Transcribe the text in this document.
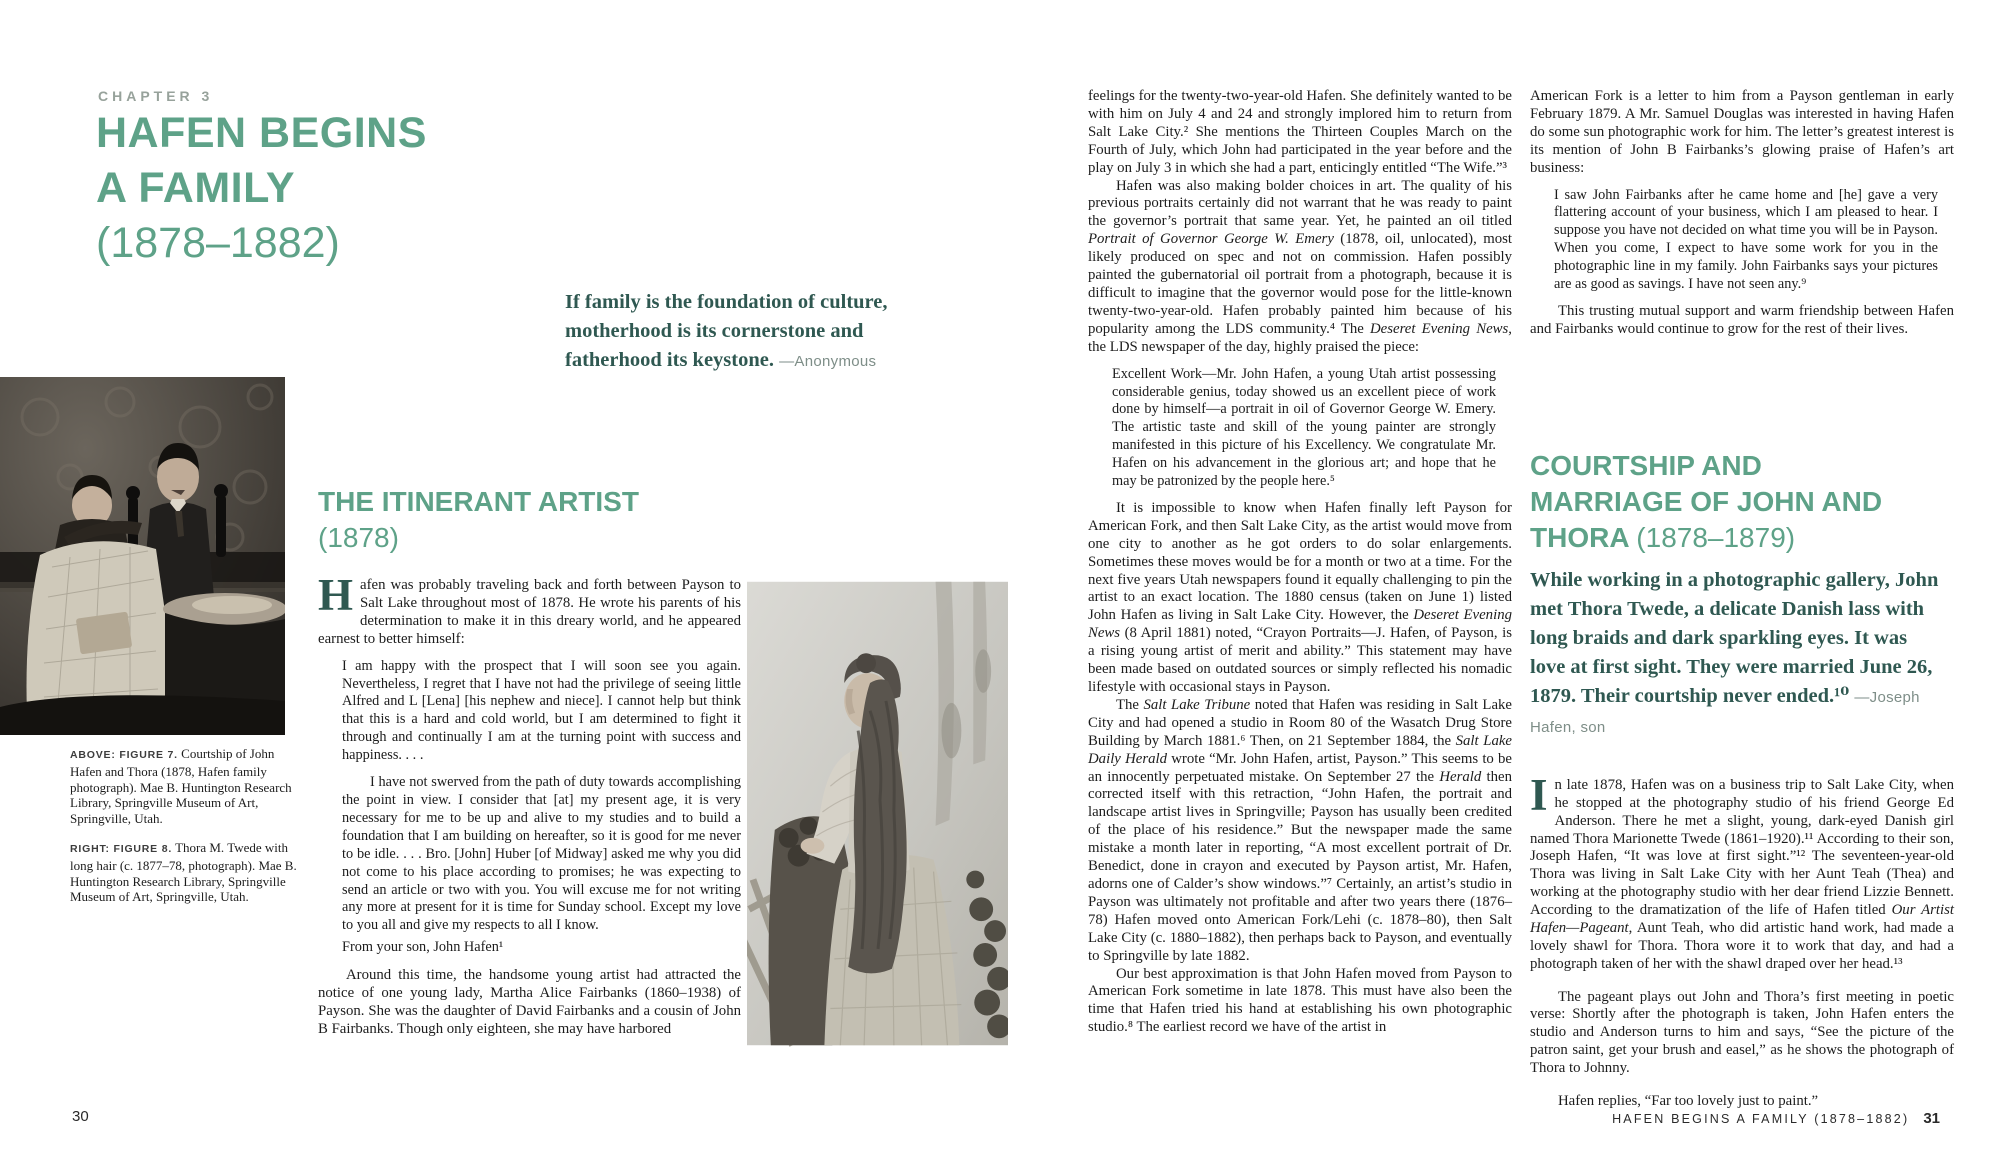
CHAPTER 3
HAFEN BEGINS
A FAMILY
(1878–1882)
If family is the foundation of culture, motherhood is its cornerstone and fatherhood its keystone. —Anonymous

ABOVE: FIGURE 7. Courtship of John Hafen and Thora (1878, Hafen family photograph). Mae B. Huntington Research Library, Springville Museum of Art, Springville, Utah.

RIGHT: FIGURE 8. Thora M. Twede with long hair (c. 1877–78, photograph). Mae B. Huntington Research Library, Springville Museum of Art, Springville, Utah.

THE ITINERANT ARTIST
(1878)

Hafen was probably traveling back and forth between Payson to Salt Lake throughout most of 1878. He wrote his parents of his determination to make it in this dreary world, and he appeared earnest to better himself:

I am happy with the prospect that I will soon see you again. Nevertheless, I regret that I have not had the privilege of seeing little Alfred and L [Lena] [his nephew and niece]. I cannot help but think that this is a hard and cold world, but I am determined to fight it through and continually I am at the turning point with success and happiness. . . .

I have not swerved from the path of duty towards accomplishing the point in view. I consider that [at] my present age, it is very necessary for me to be up and alive to my studies and to build a foundation that I am building on hereafter, so it is good for me never to be idle. . . . Bro. [John] Huber [of Midway] asked me why you did not come to his place according to promises; he was expecting to send an article or two with you. You will excuse me for not writing any more at present for it is time for Sunday school. Except my love to you all and give my respects to all I know.

From your son, John Hafen¹

Around this time, the handsome young artist had attracted the notice of one young lady, Martha Alice Fairbanks (1860–1938) of Payson. She was the daughter of David Fairbanks and a cousin of John B Fairbanks. Though only eighteen, she may have harbored

feelings for the twenty-two-year-old Hafen. She definitely wanted to be with him on July 4 and 24 and strongly implored him to return from Salt Lake City.² She mentions the Thirteen Couples March on the Fourth of July, which John had participated in the year before and the play on July 3 in which she had a part, enticingly entitled “The Wife.”³

Hafen was also making bolder choices in art. The quality of his previous portraits certainly did not warrant that he was ready to paint the governor’s portrait that same year. Yet, he painted an oil titled Portrait of Governor George W. Emery (1878, oil, unlocated), most likely produced on spec and not on commission. Hafen possibly painted the gubernatorial oil portrait from a photograph, because it is difficult to imagine that the governor would pose for the little-known twenty-two-year-old. Hafen probably painted him because of his popularity among the LDS community.⁴ The Deseret Evening News, the LDS newspaper of the day, highly praised the piece:

Excellent Work—Mr. John Hafen, a young Utah artist possessing considerable genius, today showed us an excellent piece of work done by himself—a portrait in oil of Governor George W. Emery. The artistic taste and skill of the young painter are strongly manifested in this picture of his Excellency. We congratulate Mr. Hafen on his advancement in the glorious art; and hope that he may be patronized by the people here.⁵

It is impossible to know when Hafen finally left Payson for American Fork, and then Salt Lake City, as the artist would move from one city to another as he got orders to do solar enlargements. Sometimes these moves would be for a month or two at a time. For the next five years Utah newspapers found it equally challenging to pin the artist to an exact location. The 1880 census (taken on June 1) listed John Hafen as living in Salt Lake City. However, the Deseret Evening News (8 April 1881) noted, “Crayon Portraits—J. Hafen, of Payson, is a rising young artist of merit and ability.” This statement may have been made based on outdated sources or simply reflected his nomadic lifestyle with occasional stays in Payson.

The Salt Lake Tribune noted that Hafen was residing in Salt Lake City and had opened a studio in Room 80 of the Wasatch Drug Store Building by March 1881.⁶ Then, on 21 September 1884, the Salt Lake Daily Herald wrote “Mr. John Hafen, artist, Payson.” This seems to be an innocently perpetuated mistake. On September 27 the Herald then corrected itself with this retraction, “John Hafen, the portrait and landscape artist lives in Springville; Payson has usually been credited of the place of his residence.” But the newspaper made the same mistake a month later in reporting, “A most excellent portrait of Dr. Benedict, done in crayon and executed by Payson artist, Mr. Hafen, adorns one of Calder’s show windows.”⁷ Certainly, an artist’s studio in Payson was ultimately not profitable and after two years there (1876–78) Hafen moved onto American Fork/Lehi (c. 1878–80), then Salt Lake City (c. 1880–1882), then perhaps back to Payson, and eventually to Springville by late 1882.

Our best approximation is that John Hafen moved from Payson to American Fork sometime in late 1878. This must have also been the time that Hafen tried his hand at establishing his own photographic studio.⁸ The earliest record we have of the artist in

American Fork is a letter to him from a Payson gentleman in early February 1879. A Mr. Samuel Douglas was interested in having Hafen do some sun photographic work for him. The letter’s greatest interest is its mention of John B Fairbanks’s glowing praise of Hafen’s art business:

I saw John Fairbanks after he came home and [he] gave a very flattering account of your business, which I am pleased to hear. I suppose you have not decided on what time you will be in Payson. When you come, I expect to have some work for you in the photographic line in my family. John Fairbanks says your pictures are as good as savings. I have not seen any.⁹

This trusting mutual support and warm friendship between Hafen and Fairbanks would continue to grow for the rest of their lives.

COURTSHIP AND
MARRIAGE OF JOHN AND
THORA (1878–1879)
While working in a photographic gallery, John met Thora Twede, a delicate Danish lass with long braids and dark sparkling eyes. It was love at first sight. They were married June 26, 1879. Their courtship never ended.¹⁰ —Joseph Hafen, son

In late 1878, Hafen was on a business trip to Salt Lake City, when he stopped at the photography studio of his friend George Ed Anderson. There he met a slight, young, dark-eyed Danish girl named Thora Marionette Twede (1861–1920).¹¹ According to their son, Joseph Hafen, “It was love at first sight.”¹² The seventeen-year-old Thora was living in Salt Lake City with her Aunt Teah (Thea) and working at the photography studio with her dear friend Lizzie Bennett. According to the dramatization of the life of Hafen titled Our Artist Hafen—Pageant, Aunt Teah, who did artistic hand work, had made a lovely shawl for Thora. Thora wore it to work that day, and had a photograph taken of her with the shawl draped over her head.¹³

The pageant plays out John and Thora’s first meeting in poetic verse: Shortly after the photograph is taken, John Hafen enters the studio and Anderson turns to him and says, “See the picture of the patron saint, get your brush and easel,” as he shows the photograph of Thora to Johnny.

Hafen replies, “Far too lovely just to paint.”

30	HAFEN BEGINS A FAMILY (1878–1882) 31
